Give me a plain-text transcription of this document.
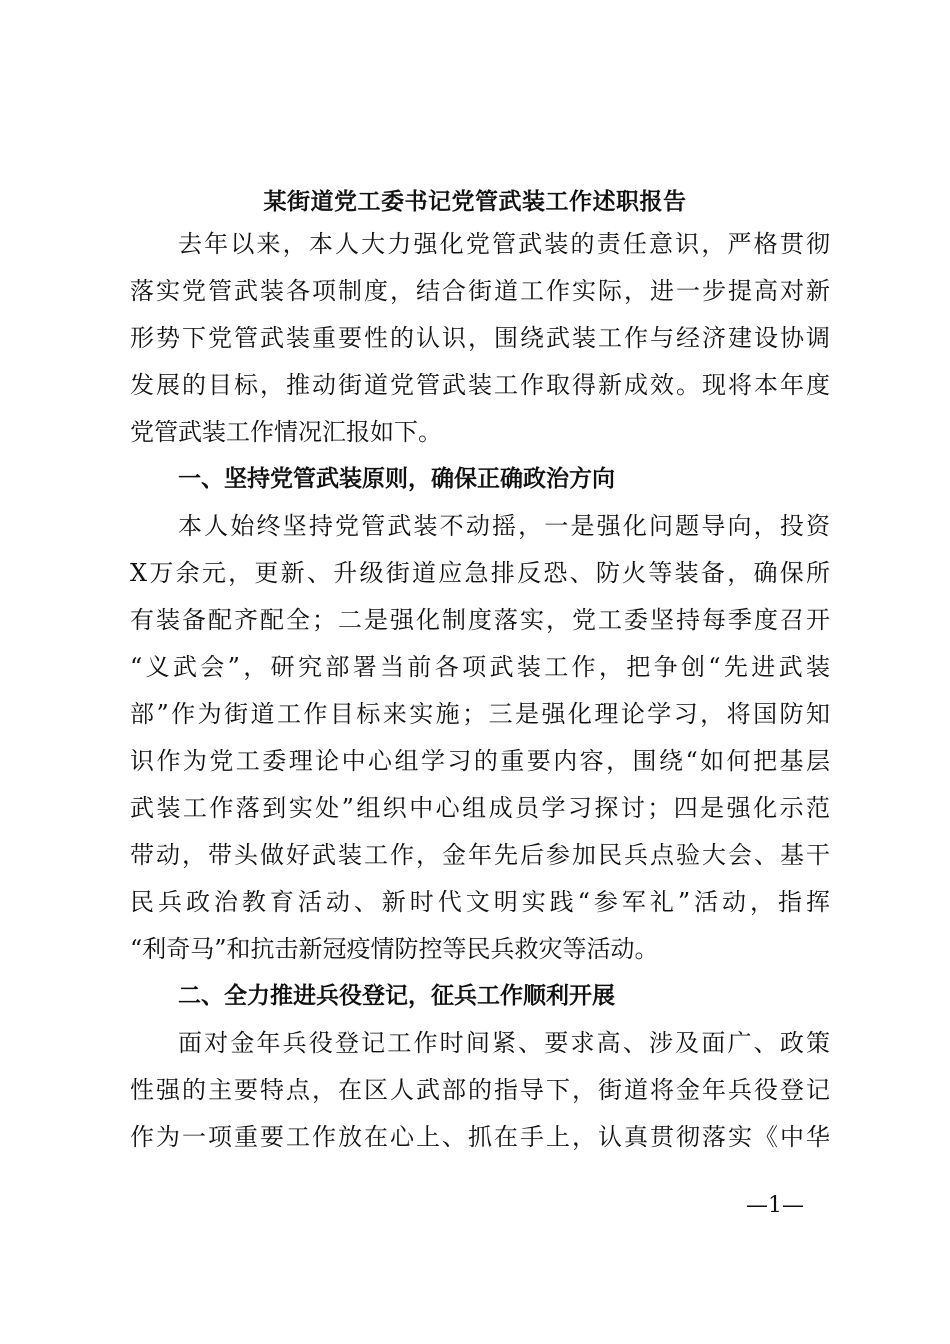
某街道党工委书记党管武装工作述职报告
去年以来，本人大力强化党管武装的责任意识，严格贯彻
落实党管武装各项制度，结合街道工作实际，进一步提高对新
形势下党管武装重要性的认识，围绕武装工作与经济建设协调
发展的目标，推动街道党管武装工作取得新成效。现将本年度
党管武装工作情况汇报如下。
一、坚持党管武装原则，确保正确政治方向
本人始终坚持党管武装不动摇，一是强化问题导向，投资
X万余元，更新、升级街道应急排反恐、防火等装备，确保所
有装备配齐配全；二是强化制度落实，党工委坚持每季度召开
“义武会”，研究部署当前各项武装工作，把争创“先进武装
部”作为街道工作目标来实施；三是强化理论学习，将国防知
识作为党工委理论中心组学习的重要内容，围绕“如何把基层
武装工作落到实处”组织中心组成员学习探讨；四是强化示范
带动，带头做好武装工作，金年先后参加民兵点验大会、基干
民兵政治教育活动、新时代文明实践“参军礼”活动，指挥
“利奇马”和抗击新冠疫情防控等民兵救灾等活动。
二、全力推进兵役登记，征兵工作顺利开展
面对金年兵役登记工作时间紧、要求高、涉及面广、政策
性强的主要特点，在区人武部的指导下，街道将金年兵役登记
作为一项重要工作放在心上、抓在手上，认真贯彻落实《中华
—1—
